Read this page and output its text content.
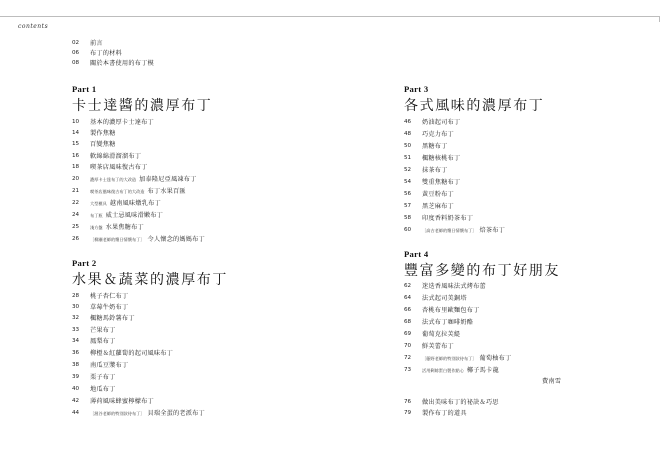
contents
02	前言
06	布丁的材料
08	關於本書使用的布丁模
Part 1
卡士達醬的濃厚布丁
10	基本的濃厚卡士達布丁
14	製作焦糖
15	百變焦糖
16	軟綿綿滑溜溜布丁
18	喫茶店風味復古布丁
20	濃厚卡士達布丁的大改造 加泰隆尼亞風凍布丁
21	喫茶店風味復古布丁的大改造 布丁水果百匯
22	大型模具 越南風味燉乳布丁
24	布丁瓶 威士忌風味滑嫩布丁
25	淺方盤 水果焦糖布丁
26	［柳瀬老師的懷日情懷布丁］ 令人懷念的媽媽布丁
Part 2
水果＆蔬菜的濃厚布丁
28	桃子杏仁布丁
30	草莓牛奶布丁
32	楓糖馬鈴薯布丁
33	芒果布丁
34	鳳梨布丁
36	柳橙＆紅蘿蔔的起司風味布丁
38	南瓜豆漿布丁
39	栗子布丁
40	地瓜布丁
42	薄荷風味蜂蜜檸檬布丁
44	［渥谷老師的特別款待布丁］ 貝瑞全蛋的老派布丁
Part 3
各式風味的濃厚布丁
46	奶油起司布丁
48	巧克力布丁
50	黑糖布丁
51	楓糖核桃布丁
52	抹茶布丁
54	雙重焦糖布丁
56	黃豆粉布丁
57	黑芝麻布丁
58	印度香料奶茶布丁
60	［高吉老師的懷日情懷布丁］ 焙茶布丁
Part 4
豐富多變的布丁好朋友
62	迷迭香風味法式烤布蕾
64	法式起司美銅塔
66	杏桃布里歐麵包布丁
68	法式布丁咖啡奶酪
69	葡萄克拉芙緹
70	鮮芙蕾布丁
72	［藤野老師的特別款待布丁］ 葡萄柚布丁
73	活用剩餘蛋白製作點心 椰子馬卡龍
費南雪
76	做出美味布丁的祕訣＆巧思
79	製作布丁的道具
